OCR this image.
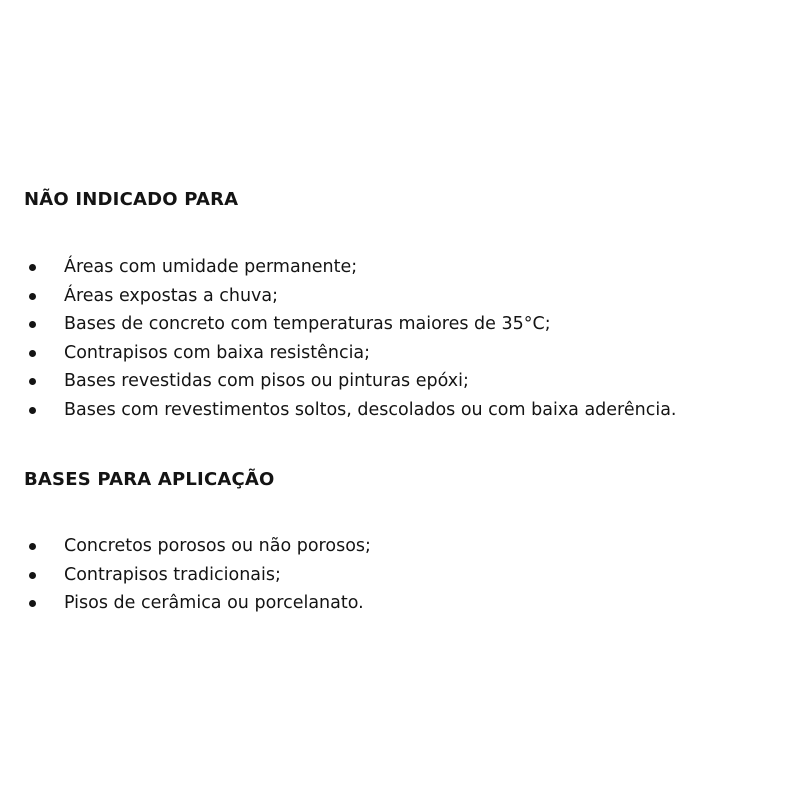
NÃO INDICADO PARA
Áreas com umidade permanente;
Áreas expostas a chuva;
Bases de concreto com temperaturas maiores de 35°C;
Contrapisos com baixa resistência;
Bases revestidas com pisos ou pinturas epóxi;
Bases com revestimentos soltos, descolados ou com baixa aderência.
BASES PARA APLICAÇÃO
Concretos porosos ou não porosos;
Contrapisos tradicionais;
Pisos de cerâmica ou porcelanato.
